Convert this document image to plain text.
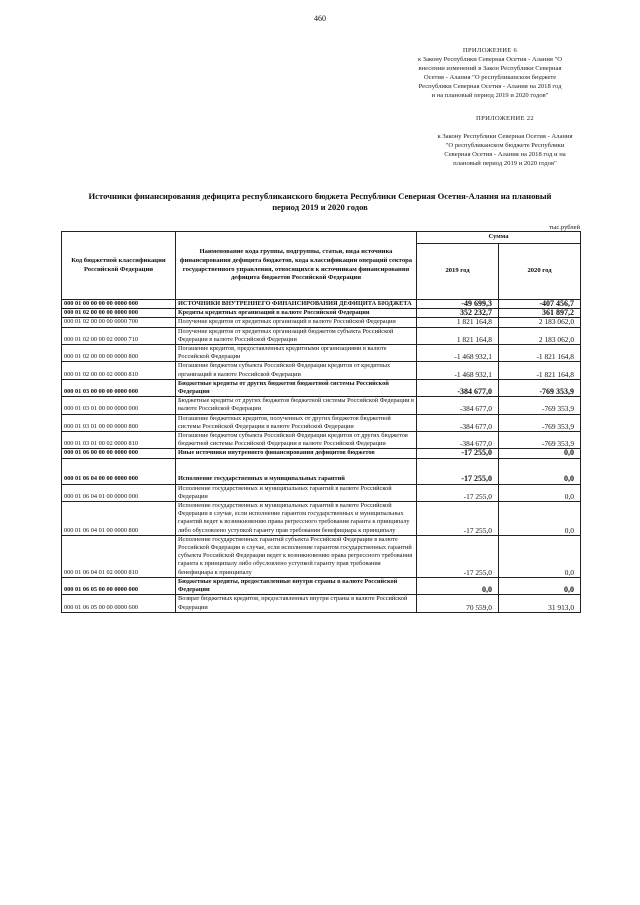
460
ПРИЛОЖЕНИЕ 6
к Закону Республики Северная Осетия - Алания "О
внесении изменений в Закон Республики Северная
Осетия - Алания "О республиканском бюджете
Республики Северная Осетия - Алания на 2018 год
и на плановый период 2019 и 2020 годов"
ПРИЛОЖЕНИЕ 22
к Закону Республики Северная Осетия - Алания
"О республиканском бюджете Республики
Северная Осетия - Алания на 2018 год и на
плановый период 2019 и 2020 годов"
Источники финансирования дефицита республиканского бюджета Республики Северная Осетия-Алания на плановый
период 2019 и 2020 годов
тыс.рублей
Код бюджетной классификации Российской Федерации	Наименование кода группы, подгруппы, статьи, вида источника финансирования дефицита бюджетов, кода классификации операций сектора государственного управления, относящихся к источникам финансирования дефицита бюджетов Российской Федерации	Сумма	
		2019 год	2020 год
000 01 00 00 00 00 0000 000	ИСТОЧНИКИ ВНУТРЕННЕГО ФИНАНСИРОВАНИЯ ДЕФИЦИТА БЮДЖЕТА	-49 699,3	-407 456,7
000 01 02 00 00 00 0000 000	Кредиты кредитных организаций в валюте Российской Федерации	352 232,7	361 897,2
000 01 02 00 00 00 0000 700	Получение кредитов от кредитных организаций в валюте Российской Федерации	1 821 164,8	2 183 062,0
000 01 02 00 00 02 0000 710	Получение кредитов от кредитных организаций бюджетом субъекта Российской Федерации в валюте Российской Федерации	1 821 164,8	2 183 062,0
000 01 02 00 00 00 0000 800	Погашение кредитов, предоставленных кредитными организациями в валюте Российской Федерации	-1 468 932,1	-1 821 164,8
000 01 02 00 00 02 0000 810	Погашение бюджетом субъекта Российской Федерации кредитов от кредитных организаций в валюте Российской Федерации	-1 468 932,1	-1 821 164,8
000 01 03 00 00 00 0000 000	Бюджетные кредиты от других бюджетов бюджетной системы Российской Федерации	-384 677,0	-769 353,9
000 01 03 01 00 00 0000 000	Бюджетные кредиты от других бюджетов бюджетной системы Российской Федерации в валюте Российской Федерации	-384 677,0	-769 353,9
000 01 03 01 00 00 0000 800	Погашение бюджетных кредитов, полученных от других бюджетов бюджетной системы Российской Федерации в валюте Российской Федерации	-384 677,0	-769 353,9
000 01 03 01 00 02 0000 810	Погашение бюджетом субъекта Российской Федерации кредитов от других бюджетов бюджетной системы Российской Федерации в валюте Российской Федерации	-384 677,0	-769 353,9
000 01 06 00 00 00 0000 000	Иные источники внутреннего финансирования дефицитов бюджетов	-17 255,0	0,0
000 01 06 04 00 00 0000 000	Исполнение государственных и муниципальных гарантий	-17 255,0	0,0
000 01 06 04 01 00 0000 000	Исполнение государственных и муниципальных гарантий в валюте Российской Федерации	-17 255,0	0,0
000 01 06 04 01 00 0000 800	Исполнение государственных и муниципальных гарантий в валюте Российской Федерации в случае, если исполнение гарантом государственных и муниципальных гарантий ведет к возникновению права регрессного требования гаранта к принципалу либо обусловлено уступкой гаранту прав требования бенефициара к принципалу	-17 255,0	0,0
000 01 06 04 01 02 0000 810	Исполнение государственных гарантий субъекта Российской Федерации в валюте Российской Федерации в случае, если исполнение гарантом государственных гарантий субъекта Российской Федерации ведет к возникновению права регрессного требования гаранта к принципалу либо обусловлено уступкой гаранту прав требования бенефициара к принципалу	-17 255,0	0,0
000 01 06 05 00 00 0000 000	Бюджетные кредиты, предоставленные внутри страны в валюте Российской Федерации	0,0	0,0
000 01 06 05 00 00 0000 600	Возврат бюджетных кредитов, предоставленных внутри страны в валюте Российской Федерации	70 559,0	31 913,0
